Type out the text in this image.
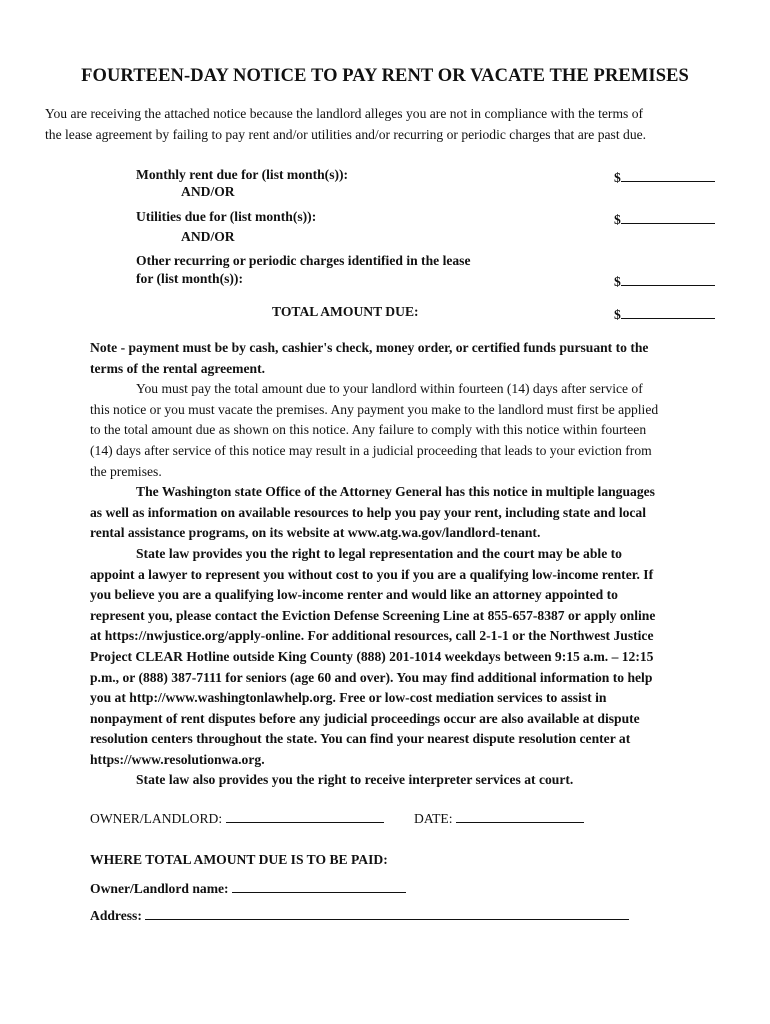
FOURTEEN-DAY NOTICE TO PAY RENT OR VACATE THE PREMISES
You are receiving the attached notice because the landlord alleges you are not in compliance with the terms of
the lease agreement by failing to pay rent and/or utilities and/or recurring or periodic charges that are past due.
Monthly rent due for (list month(s)):	$
AND/OR
Utilities due for (list month(s)):	$
AND/OR
Other recurring or periodic charges identified in the lease
for (list month(s)):	$
TOTAL AMOUNT DUE:	$
Note - payment must be by cash, cashier's check, money order, or certified funds pursuant to the
terms of the rental agreement.
You must pay the total amount due to your landlord within fourteen (14) days after service of
this notice or you must vacate the premises. Any payment you make to the landlord must first be applied
to the total amount due as shown on this notice. Any failure to comply with this notice within fourteen
(14) days after service of this notice may result in a judicial proceeding that leads to your eviction from
the premises.
The Washington state Office of the Attorney General has this notice in multiple languages
as well as information on available resources to help you pay your rent, including state and local
rental assistance programs, on its website at www.atg.wa.gov/landlord-tenant.
State law provides you the right to legal representation and the court may be able to
appoint a lawyer to represent you without cost to you if you are a qualifying low-income renter. If
you believe you are a qualifying low-income renter and would like an attorney appointed to
represent you, please contact the Eviction Defense Screening Line at 855-657-8387 or apply online
at https://nwjustice.org/apply-online. For additional resources, call 2-1-1 or the Northwest Justice
Project CLEAR Hotline outside King County (888) 201-1014 weekdays between 9:15 a.m. – 12:15
p.m., or (888) 387-7111 for seniors (age 60 and over). You may find additional information to help
you at http://www.washingtonlawhelp.org. Free or low-cost mediation services to assist in
nonpayment of rent disputes before any judicial proceedings occur are also available at dispute
resolution centers throughout the state. You can find your nearest dispute resolution center at
https://www.resolutionwa.org.
State law also provides you the right to receive interpreter services at court.
OWNER/LANDLORD:	DATE:
WHERE TOTAL AMOUNT DUE IS TO BE PAID:
Owner/Landlord name:
Address:
